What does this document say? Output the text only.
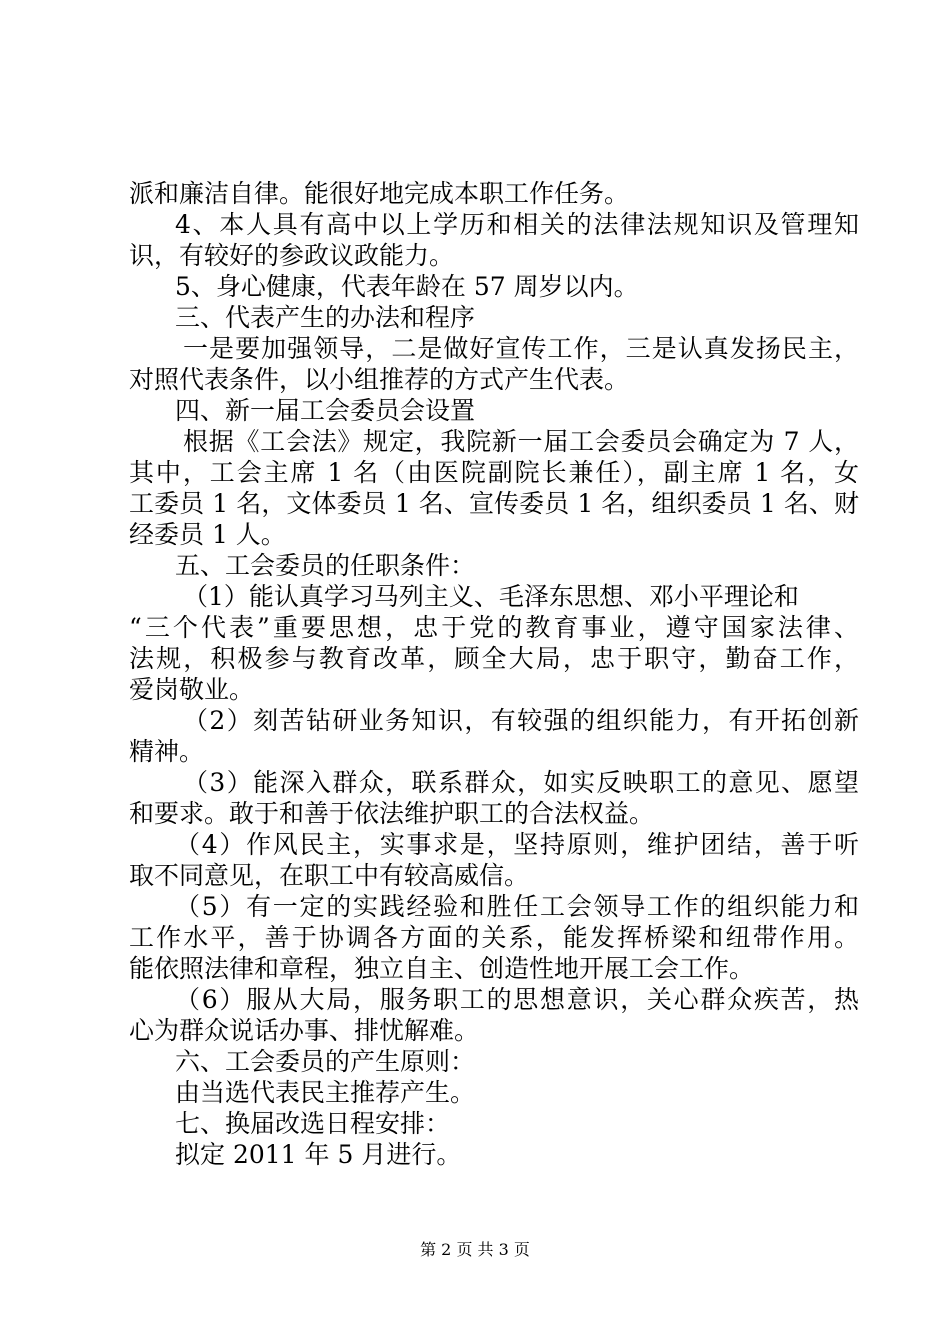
派和廉洁自律。能很好地完成本职工作任务。
4、本人具有高中以上学历和相关的法律法规知识及管理知
识，有较好的参政议政能力。
5、身心健康，代表年龄在 57 周岁以内。
三、代表产生的办法和程序
一是要加强领导，二是做好宣传工作，三是认真发扬民主，
对照代表条件，以小组推荐的方式产生代表。
四、新一届工会委员会设置
根据《工会法》规定，我院新一届工会委员会确定为 7 人，
其中，工会主席 1 名（由医院副院长兼任），副主席 1 名，女
工委员 1 名，文体委员 1 名、宣传委员 1 名，组织委员 1 名、财
经委员 1 人。
五、工会委员的任职条件：
（1）能认真学习马列主义、毛泽东思想、邓小平理论和
“三个代表”重要思想，忠于党的教育事业，遵守国家法律、
法规，积极参与教育改革，顾全大局，忠于职守，勤奋工作，
爱岗敬业。
（2）刻苦钻研业务知识，有较强的组织能力，有开拓创新
精神。
（3）能深入群众，联系群众，如实反映职工的意见、愿望
和要求。敢于和善于依法维护职工的合法权益。
（4）作风民主，实事求是，坚持原则，维护团结，善于听
取不同意见，在职工中有较高威信。
（5）有一定的实践经验和胜任工会领导工作的组织能力和
工作水平，善于协调各方面的关系，能发挥桥梁和纽带作用。
能依照法律和章程，独立自主、创造性地开展工会工作。
（6）服从大局，服务职工的思想意识，关心群众疾苦，热
心为群众说话办事、排忧解难。
六、工会委员的产生原则：
由当选代表民主推荐产生。
七、换届改选日程安排：
拟定 2011 年 5 月进行。
第 2 页 共 3 页
